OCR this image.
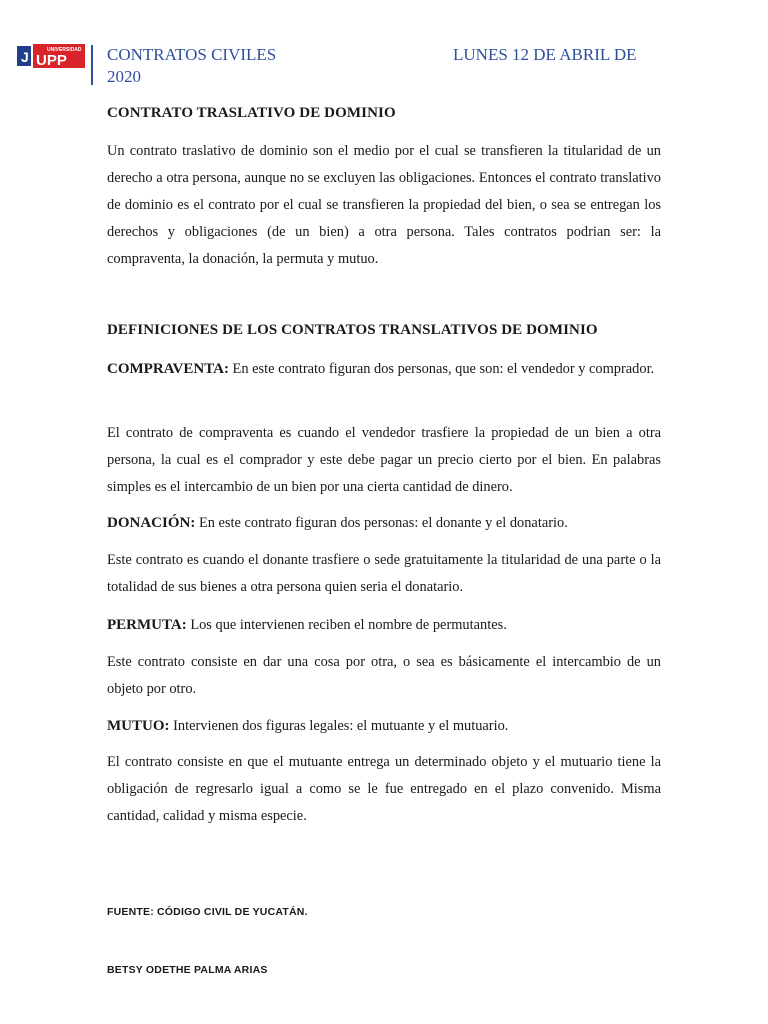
J	UNIVERSIDAD
UPP CONTRATOS CIVILES	LUNES 12 DE ABRIL DE
2020
CONTRATO TRASLATIVO DE DOMINIO

Un contrato traslativo de dominio son el medio por el cual se transfieren la titularidad de un derecho a otra persona, aunque no se excluyen las obligaciones. Entonces el contrato translativo de dominio es el contrato por el cual se transfieren la propiedad del bien, o sea se entregan los derechos y obligaciones (de un bien) a otra persona. Tales contratos podrian ser: la compraventa, la donación, la permuta y mutuo.

DEFINICIONES DE LOS CONTRATOS TRANSLATIVOS DE DOMINIO

COMPRAVENTA: En este contrato figuran dos personas, que son: el vendedor y comprador.

El contrato de compraventa es cuando el vendedor trasfiere la propiedad de un bien a otra persona, la cual es el comprador y este debe pagar un precio cierto por el bien. En palabras simples es el intercambio de un bien por una cierta cantidad de dinero.

DONACIÓN: En este contrato figuran dos personas: el donante y el donatario.

Este contrato es cuando el donante trasfiere o sede gratuitamente la titularidad de una parte o la totalidad de sus bienes a otra persona quien seria el donatario.

PERMUTA: Los que intervienen reciben el nombre de permutantes.

Este contrato consiste en dar una cosa por otra, o sea es básicamente el intercambio de un objeto por otro.

MUTUO: Intervienen dos figuras legales: el mutuante y el mutuario.

El contrato consiste en que el mutuante entrega un determinado objeto y el mutuario tiene la obligación de regresarlo igual a como se le fue entregado en el plazo convenido. Misma cantidad, calidad y misma especie.

FUENTE: CÓDIGO CIVIL DE YUCATÁN.

BETSY ODETHE PALMA ARIAS
